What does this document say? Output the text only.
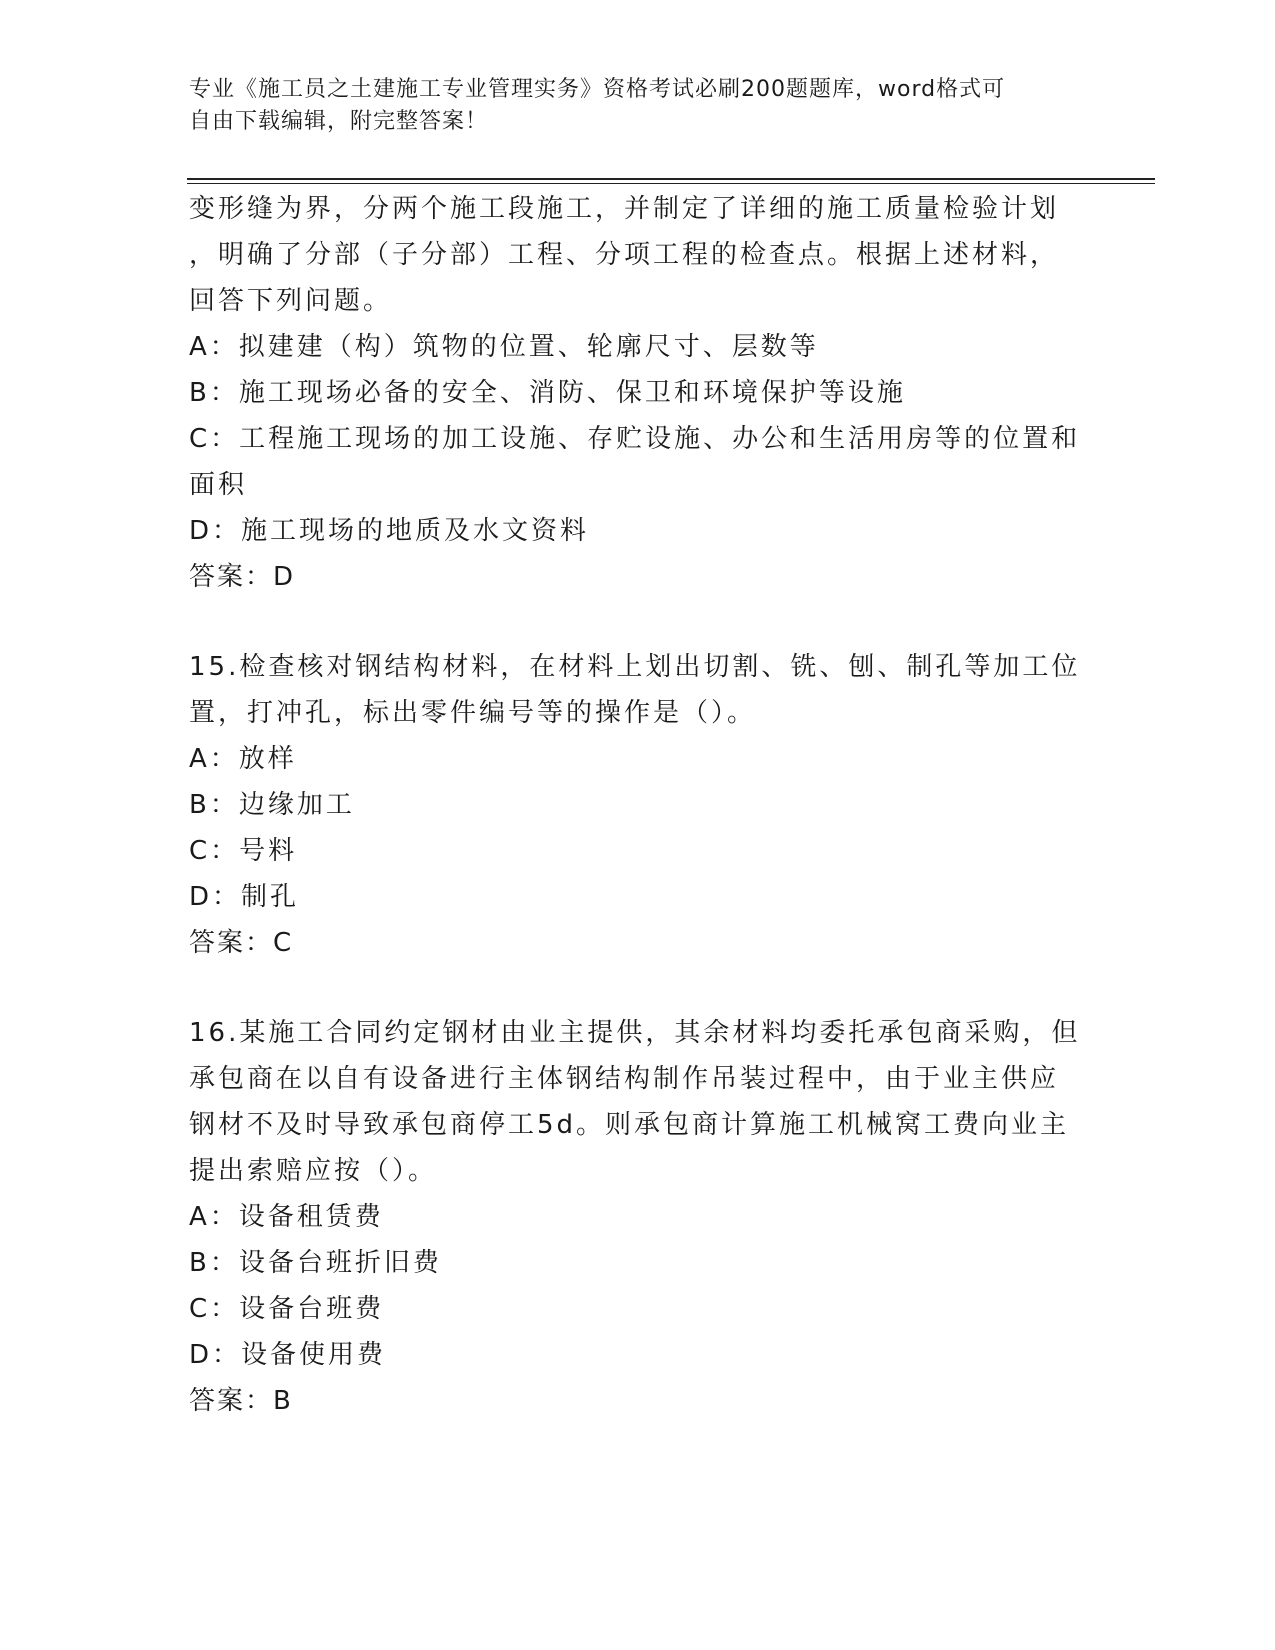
专业《施工员之土建施工专业管理实务》资格考试必刷200题题库，word格式可
自由下载编辑，附完整答案！
变形缝为界，分两个施工段施工，并制定了详细的施工质量检验计划
，明确了分部（子分部）工程、分项工程的检查点。根据上述材料，
回答下列问题。
A：拟建建（构）筑物的位置、轮廓尺寸、层数等
B：施工现场必备的安全、消防、保卫和环境保护等设施
C：工程施工现场的加工设施、存贮设施、办公和生活用房等的位置和
面积
D：施工现场的地质及水文资料
答案：D
15.检查核对钢结构材料，在材料上划出切割、铣、刨、制孔等加工位
置，打冲孔，标出零件编号等的操作是（）。
A：放样
B：边缘加工
C：号料
D：制孔
答案：C
16.某施工合同约定钢材由业主提供，其余材料均委托承包商采购，但
承包商在以自有设备进行主体钢结构制作吊装过程中，由于业主供应
钢材不及时导致承包商停工5d。则承包商计算施工机械窝工费向业主
提出索赔应按（）。
A：设备租赁费
B：设备台班折旧费
C：设备台班费
D：设备使用费
答案：B
